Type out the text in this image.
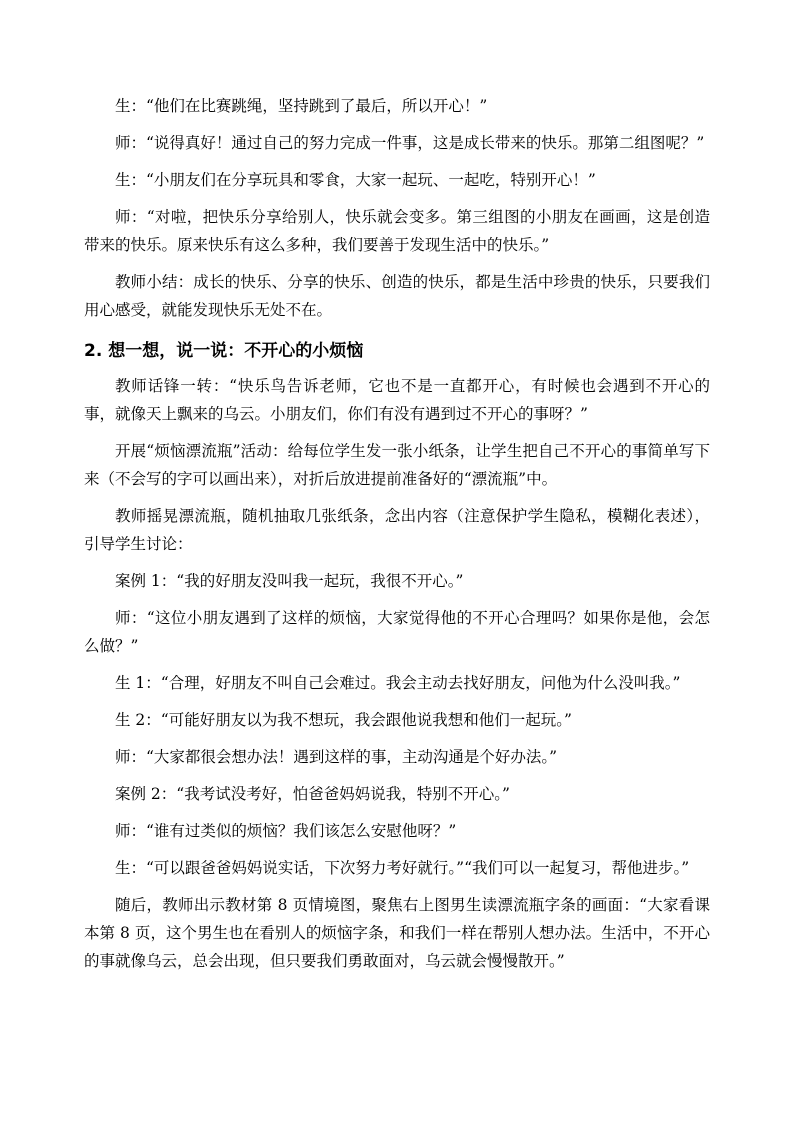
生：“他们在比赛跳绳，坚持跳到了最后，所以开心！”

师：“说得真好！通过自己的努力完成一件事，这是成长带来的快乐。那第二组图呢？”

生：“小朋友们在分享玩具和零食，大家一起玩、一起吃，特别开心！”

师：“对啦，把快乐分享给别人，快乐就会变多。第三组图的小朋友在画画，这是创造带来的快乐。原来快乐有这么多种，我们要善于发现生活中的快乐。”

教师小结：成长的快乐、分享的快乐、创造的快乐，都是生活中珍贵的快乐，只要我们用心感受，就能发现快乐无处不在。

2. 想一想，说一说：不开心的小烦恼

教师话锋一转：“快乐鸟告诉老师，它也不是一直都开心，有时候也会遇到不开心的事，就像天上飘来的乌云。小朋友们，你们有没有遇到过不开心的事呀？”

开展“烦恼漂流瓶”活动：给每位学生发一张小纸条，让学生把自己不开心的事简单写下来（不会写的字可以画出来），对折后放进提前准备好的“漂流瓶”中。

教师摇晃漂流瓶，随机抽取几张纸条，念出内容（注意保护学生隐私，模糊化表述），引导学生讨论：

案例 1：“我的好朋友没叫我一起玩，我很不开心。”

师：“这位小朋友遇到了这样的烦恼，大家觉得他的不开心合理吗？如果你是他，会怎么做？”

生 1：“合理，好朋友不叫自己会难过。我会主动去找好朋友，问他为什么没叫我。”

生 2：“可能好朋友以为我不想玩，我会跟他说我想和他们一起玩。”

师：“大家都很会想办法！遇到这样的事，主动沟通是个好办法。”

案例 2：“我考试没考好，怕爸爸妈妈说我，特别不开心。”

师：“谁有过类似的烦恼？我们该怎么安慰他呀？”

生：“可以跟爸爸妈妈说实话，下次努力考好就行。”“我们可以一起复习，帮他进步。”

随后，教师出示教材第 8 页情境图，聚焦右上图男生读漂流瓶字条的画面：“大家看课本第 8 页，这个男生也在看别人的烦恼字条，和我们一样在帮别人想办法。生活中，不开心的事就像乌云，总会出现，但只要我们勇敢面对，乌云就会慢慢散开。”
